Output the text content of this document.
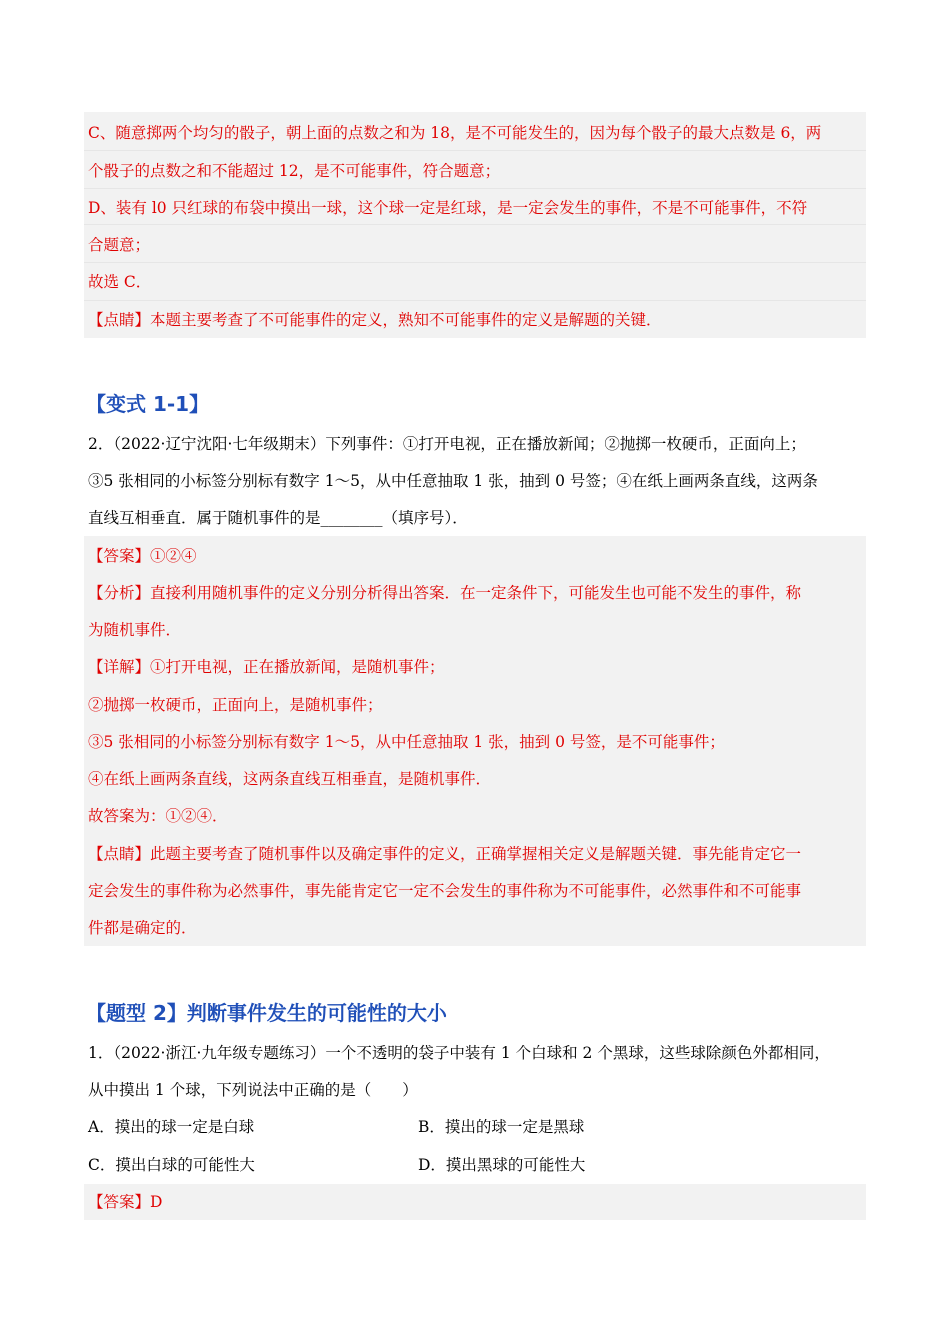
C、随意掷两个均匀的骰子，朝上面的点数之和为 18，是不可能发生的，因为每个骰子的最大点数是 6，两
个骰子的点数之和不能超过 12，是不可能事件，符合题意；
D、装有 l0 只红球的布袋中摸出一球，这个球一定是红球，是一定会发生的事件，不是不可能事件，不符
合题意；
故选 C．
【点睛】本题主要考查了不可能事件的定义，熟知不可能事件的定义是解题的关键．
【变式 1-1】
2．（2022·辽宁沈阳·七年级期末）下列事件：①打开电视，正在播放新闻；②抛掷一枚硬币，正面向上；
③5 张相同的小标签分别标有数字 1～5，从中任意抽取 1 张，抽到 0 号签；④在纸上画两条直线，这两条
直线互相垂直．属于随机事件的是________（填序号）．
【答案】①②④
【分析】直接利用随机事件的定义分别分析得出答案．在一定条件下，可能发生也可能不发生的事件，称
为随机事件．
【详解】①打开电视，正在播放新闻，是随机事件；
②抛掷一枚硬币，正面向上，是随机事件；
③5 张相同的小标签分别标有数字 1～5，从中任意抽取 1 张，抽到 0 号签，是不可能事件；
④在纸上画两条直线，这两条直线互相垂直，是随机事件．
故答案为：①②④．
【点睛】此题主要考查了随机事件以及确定事件的定义，正确掌握相关定义是解题关键．事先能肯定它一
定会发生的事件称为必然事件，事先能肯定它一定不会发生的事件称为不可能事件，必然事件和不可能事
件都是确定的．
【题型 2】判断事件发生的可能性的大小
1．（2022·浙江·九年级专题练习）一个不透明的袋子中装有 1 个白球和 2 个黑球，这些球除颜色外都相同，
从中摸出 1 个球，下列说法中正确的是（　　）
A．摸出的球一定是白球	B．摸出的球一定是黑球
C．摸出白球的可能性大	D．摸出黑球的可能性大
【答案】D
